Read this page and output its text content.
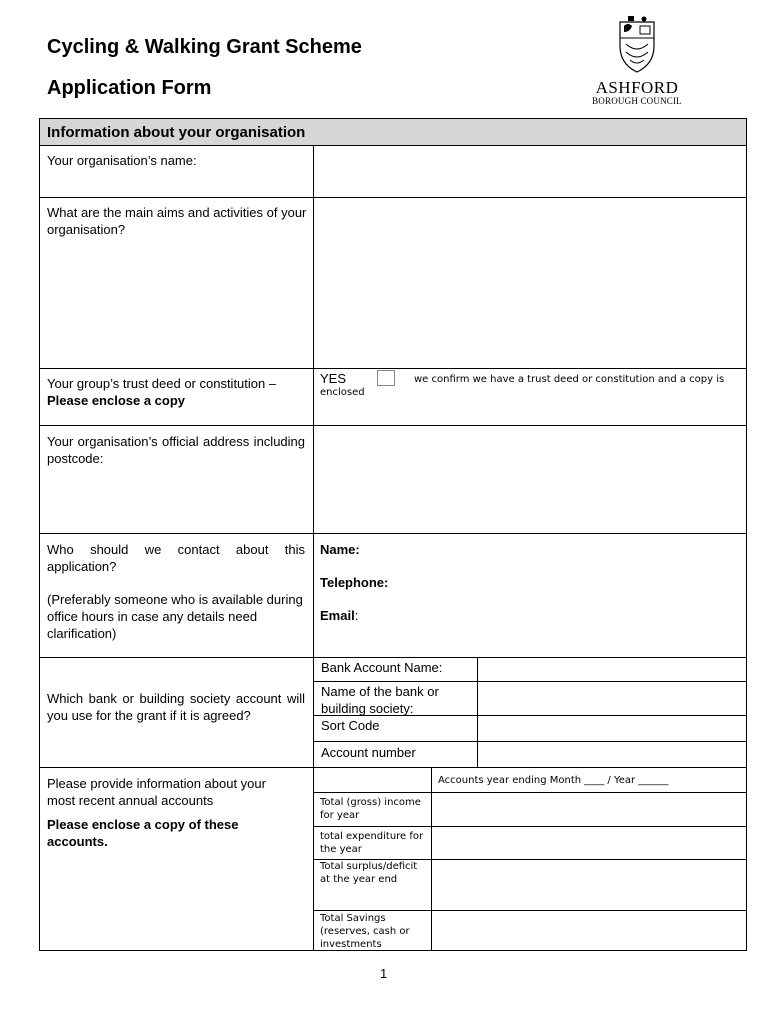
Cycling & Walking Grant Scheme
Application Form	ASHFORD
BOROUGH COUNCIL
Information about your organisation
Your organisation’s name:
What are the main aims and activities of your organisation?
Your group’s trust deed or constitution – Please enclose a copy
YES	we confirm we have a trust deed or constitution and a copy is enclosed
Your organisation’s official address including postcode:
Who should we contact about this application?
(Preferably someone who is available during office hours in case any details need clarification)
Name:
Telephone:
Email:
Which bank or building society account will you use for the grant if it is agreed?
Bank Account Name:
Name of the bank or building society:
Sort Code
Account number
Please provide information about your most recent annual accounts
Please enclose a copy of these accounts.
Accounts year ending Month ____ / Year ______
Total (gross) income for year
total expenditure for the year
Total surplus/deficit at the year end
Total Savings (reserves, cash or investments
1
